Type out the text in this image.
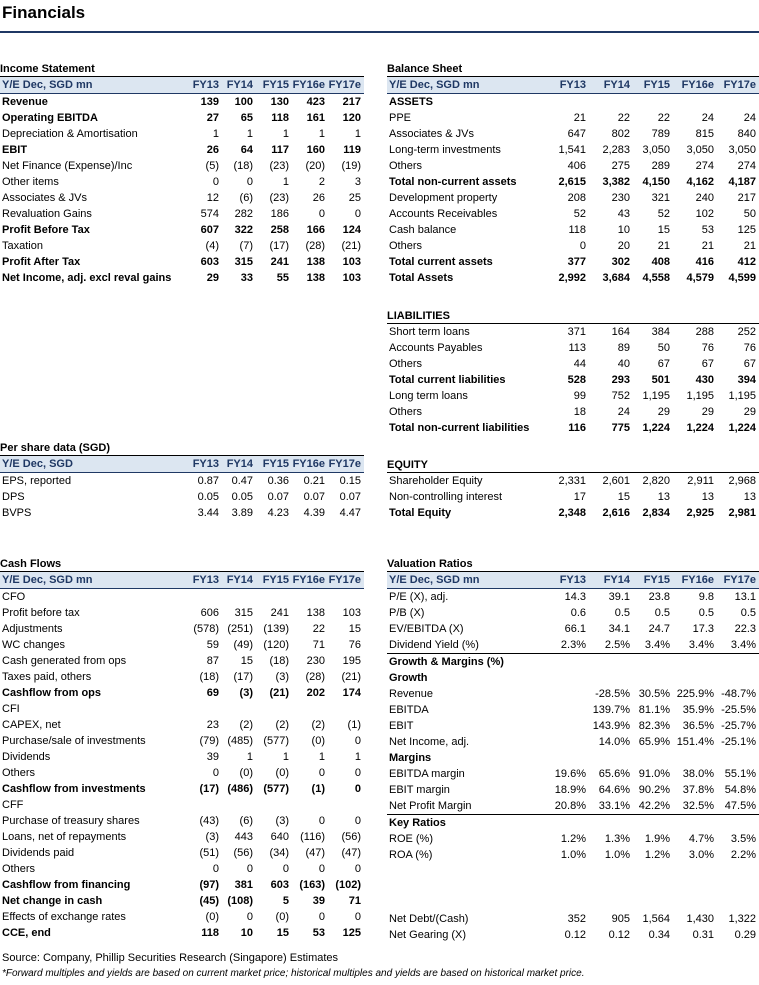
Financials
Income Statement
Y/E Dec, SGD mn	FY13	FY14	FY15	FY16e	FY17e
Revenue	139	100	130	423	217
Operating EBITDA	27	65	118	161	120
Depreciation & Amortisation	1	1	1	1	1
EBIT	26	64	117	160	119
Net Finance (Expense)/Inc	(5)	(18)	(23)	(20)	(19)
Other items	0	0	1	2	3
Associates & JVs	12	(6)	(23)	26	25
Revaluation Gains	574	282	186	0	0
Profit Before Tax	607	322	258	166	124
Taxation	(4)	(7)	(17)	(28)	(21)
Profit After Tax	603	315	241	138	103
Net Income, adj. excl reval gains	29	33	55	138	103
Per share data (SGD)
Y/E Dec, SGD	FY13	FY14	FY15	FY16e	FY17e
EPS, reported	0.87	0.47	0.36	0.21	0.15
DPS	0.05	0.05	0.07	0.07	0.07
BVPS	3.44	3.89	4.23	4.39	4.47
Cash Flows
Y/E Dec, SGD mn	FY13	FY14	FY15	FY16e	FY17e
CFO					
Profit before tax	606	315	241	138	103
Adjustments	(578)	(251)	(139)	22	15
WC changes	59	(49)	(120)	71	76
Cash generated from ops	87	15	(18)	230	195
Taxes paid, others	(18)	(17)	(3)	(28)	(21)
Cashflow from ops	69	(3)	(21)	202	174
CFI					
CAPEX, net	23	(2)	(2)	(2)	(1)
Purchase/sale of investments	(79)	(485)	(577)	(0)	0
Dividends	39	1	1	1	1
Others	0	(0)	(0)	0	0
Cashflow from investments	(17)	(486)	(577)	(1)	0
CFF					
Purchase of treasury shares	(43)	(6)	(3)	0	0
Loans, net of repayments	(3)	443	640	(116)	(56)
Dividends paid	(51)	(56)	(34)	(47)	(47)
Others	0	0	0	0	0
Cashflow from financing	(97)	381	603	(163)	(102)
Net change in cash	(45)	(108)	5	39	71
Effects of exchange rates	(0)	0	(0)	0	0
CCE, end	118	10	15	53	125
Balance Sheet
Y/E Dec, SGD mn	FY13	FY14	FY15	FY16e	FY17e
ASSETS					
PPE	21	22	22	24	24
Associates & JVs	647	802	789	815	840
Long-term investments	1,541	2,283	3,050	3,050	3,050
Others	406	275	289	274	274
Total non-current assets	2,615	3,382	4,150	4,162	4,187
Development property	208	230	321	240	217
Accounts Receivables	52	43	52	102	50
Cash balance	118	10	15	53	125
Others	0	20	21	21	21
Total current assets	377	302	408	416	412
Total Assets	2,992	3,684	4,558	4,579	4,599
LIABILITIES
Short term loans	371	164	384	288	252
Accounts Payables	113	89	50	76	76
Others	44	40	67	67	67
Total current liabilities	528	293	501	430	394
Long term loans	99	752	1,195	1,195	1,195
Others	18	24	29	29	29
Total non-current liabilities	116	775	1,224	1,224	1,224
EQUITY
Shareholder Equity	2,331	2,601	2,820	2,911	2,968
Non-controlling interest	17	15	13	13	13
Total Equity	2,348	2,616	2,834	2,925	2,981
Valuation Ratios
Y/E Dec, SGD mn	FY13	FY14	FY15	FY16e	FY17e
P/E (X), adj.	14.3	39.1	23.8	9.8	13.1
P/B (X)	0.6	0.5	0.5	0.5	0.5
EV/EBITDA (X)	66.1	34.1	24.7	17.3	22.3
Dividend Yield (%)	2.3%	2.5%	3.4%	3.4%	3.4%
Growth & Margins (%)					
Growth					
Revenue		-28.5%	30.5%	225.9%	-48.7%
EBITDA		139.7%	81.1%	35.9%	-25.5%
EBIT		143.9%	82.3%	36.5%	-25.7%
Net Income, adj.		14.0%	65.9%	151.4%	-25.1%
Margins					
EBITDA margin	19.6%	65.6%	91.0%	38.0%	55.1%
EBIT margin	18.9%	64.6%	90.2%	37.8%	54.8%
Net Profit Margin	20.8%	33.1%	42.2%	32.5%	47.5%
Key Ratios					
ROE (%)	1.2%	1.3%	1.9%	4.7%	3.5%
ROA (%)	1.0%	1.0%	1.2%	3.0%	2.2%

Net Debt/(Cash)	352	905	1,564	1,430	1,322
Net Gearing (X)	0.12	0.12	0.34	0.31	0.29
Source: Company, Phillip Securities Research (Singapore) Estimates
*Forward multiples and yields are based on current market price; historical multiples and yields are based on historical market price.
